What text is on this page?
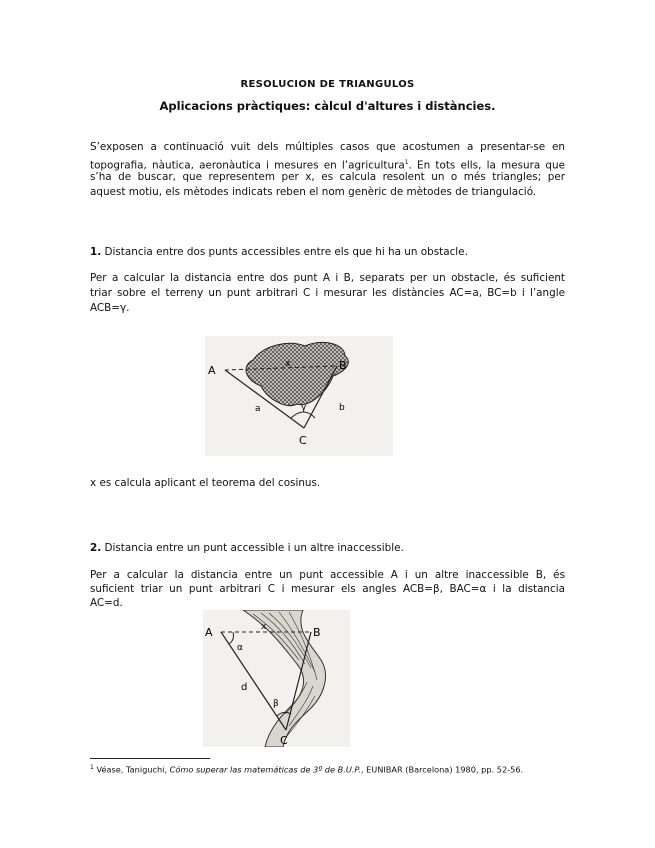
RESOLUCION DE TRIANGULOS
Aplicacions pràctiques: càlcul d'altures i distàncies.
S’exposen a continuació vuit dels múltiples casos que acostumen a presentar-se en
topografia, nàutica, aeronàutica i mesures en l’agricultura$^1$. En tots ells, la mesura que
s’ha de buscar, que representem per x, es calcula resolent un o més triangles; per
aquest motiu, els mètodes indicats reben el nom genèric de mètodes de triangulació.
1. Distancia entre dos punts accessibles entre els que hi ha un obstacle.
Per a calcular la distancia entre dos punt A i B, separats per un obstacle, és suficient
triar sobre el terreny un punt arbitrari C i mesurar les distàncies AC=a, BC=b i l’angle
ACB=γ.
A	B
C
a	b
x
γ
x es calcula aplicant el teorema del cosinus.
2. Distancia entre un punt accessible i un altre inaccessible.
Per a calcular la distancia entre un punt accessible A i un altre inaccessible B, és
suficient triar un punt arbitrari C i mesurar els angles ACB=β, BAC=α i la distancia
AC=d.
A	B
C
d
x
α
β
$^1$ Véase, Taniguchi, Cómo superar las matemáticas de 3º de B.U.P., EUNIBAR (Barcelona) 1980, pp. 52-56.
